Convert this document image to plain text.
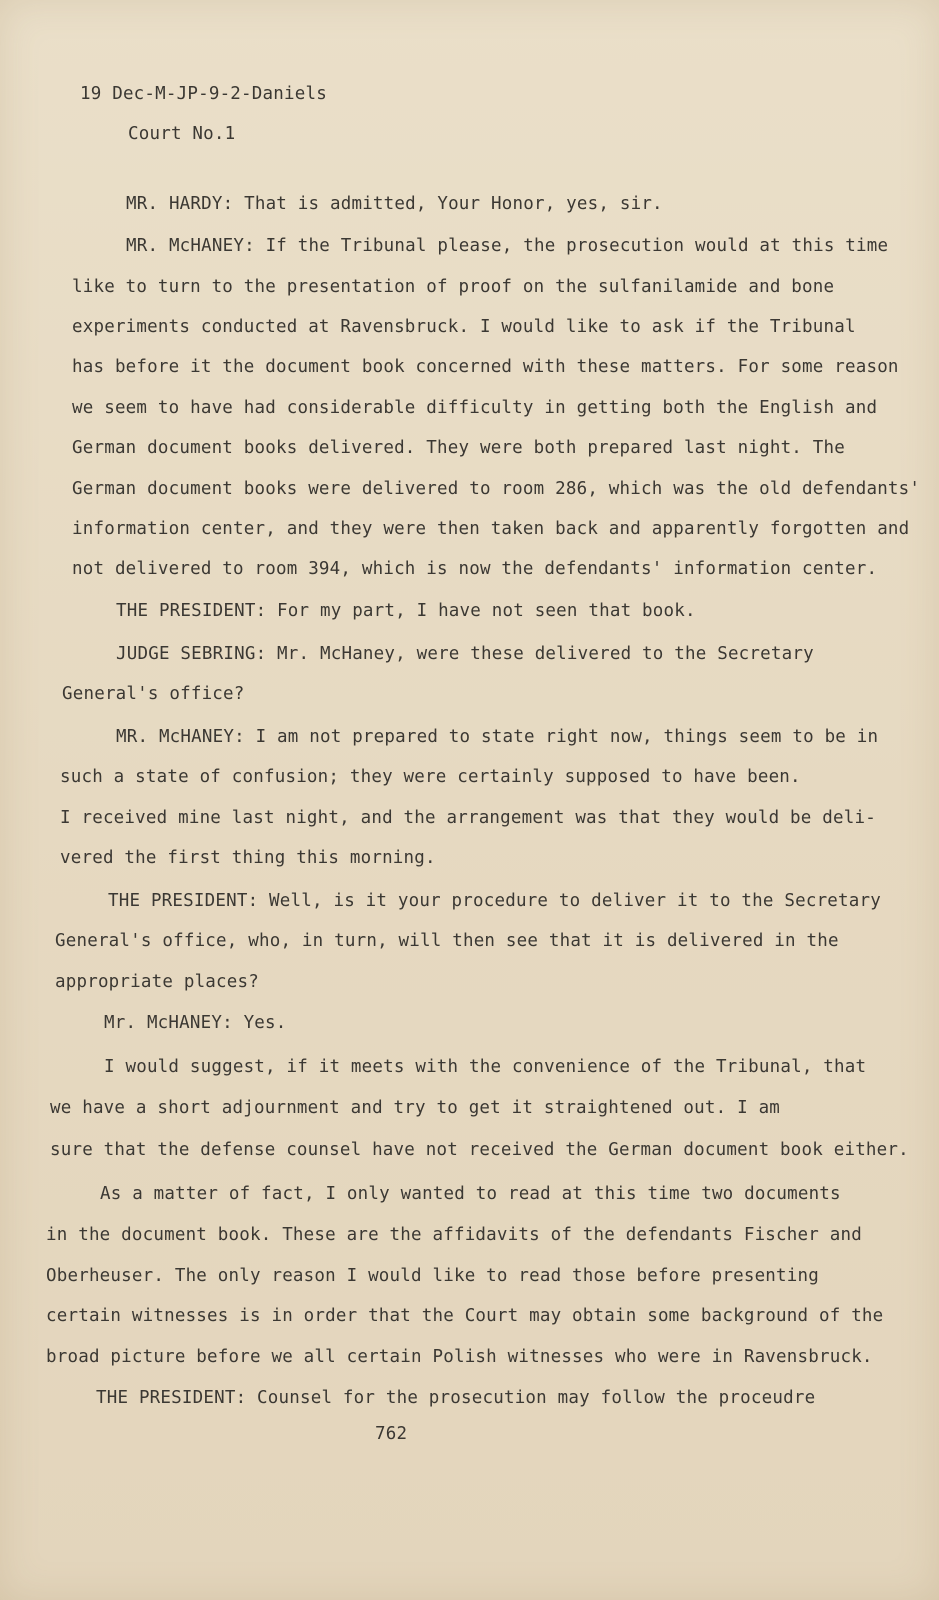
19 Dec-M-JP-9-2-Daniels
Court No.1
MR. HARDY: That is admitted, Your Honor, yes, sir.
MR. McHANEY: If the Tribunal please, the prosecution would at this time
like to turn to the presentation of proof on the sulfanilamide and bone
experiments conducted at Ravensbruck. I would like to ask if the Tribunal
has before it the document book concerned with these matters. For some reason
we seem to have had considerable difficulty in getting both the English and
German document books delivered. They were both prepared last night. The
German document books were delivered to room 286, which was the old defendants'
information center, and they were then taken back and apparently forgotten and
not delivered to room 394, which is now the defendants' information center.
THE PRESIDENT: For my part, I have not seen that book.
JUDGE SEBRING: Mr. McHaney, were these delivered to the Secretary
General's office?
MR. McHANEY: I am not prepared to state right now, things seem to be in
such a state of confusion; they were certainly supposed to have been.
I received mine last night, and the arrangement was that they would be deli-
vered the first thing this morning.
THE PRESIDENT: Well, is it your procedure to deliver it to the Secretary
General's office, who, in turn, will then see that it is delivered in the
appropriate places?
Mr. McHANEY: Yes.
I would suggest, if it meets with the convenience of the Tribunal, that
we have a short adjournment and try to get it straightened out. I am
sure that the defense counsel have not received the German document book either.
As a matter of fact, I only wanted to read at this time two documents
in the document book. These are the affidavits of the defendants Fischer and
Oberheuser. The only reason I would like to read those before presenting
certain witnesses is in order that the Court may obtain some background of the
broad picture before we all certain Polish witnesses who were in Ravensbruck.
THE PRESIDENT: Counsel for the prosecution may follow the proceudre
762
